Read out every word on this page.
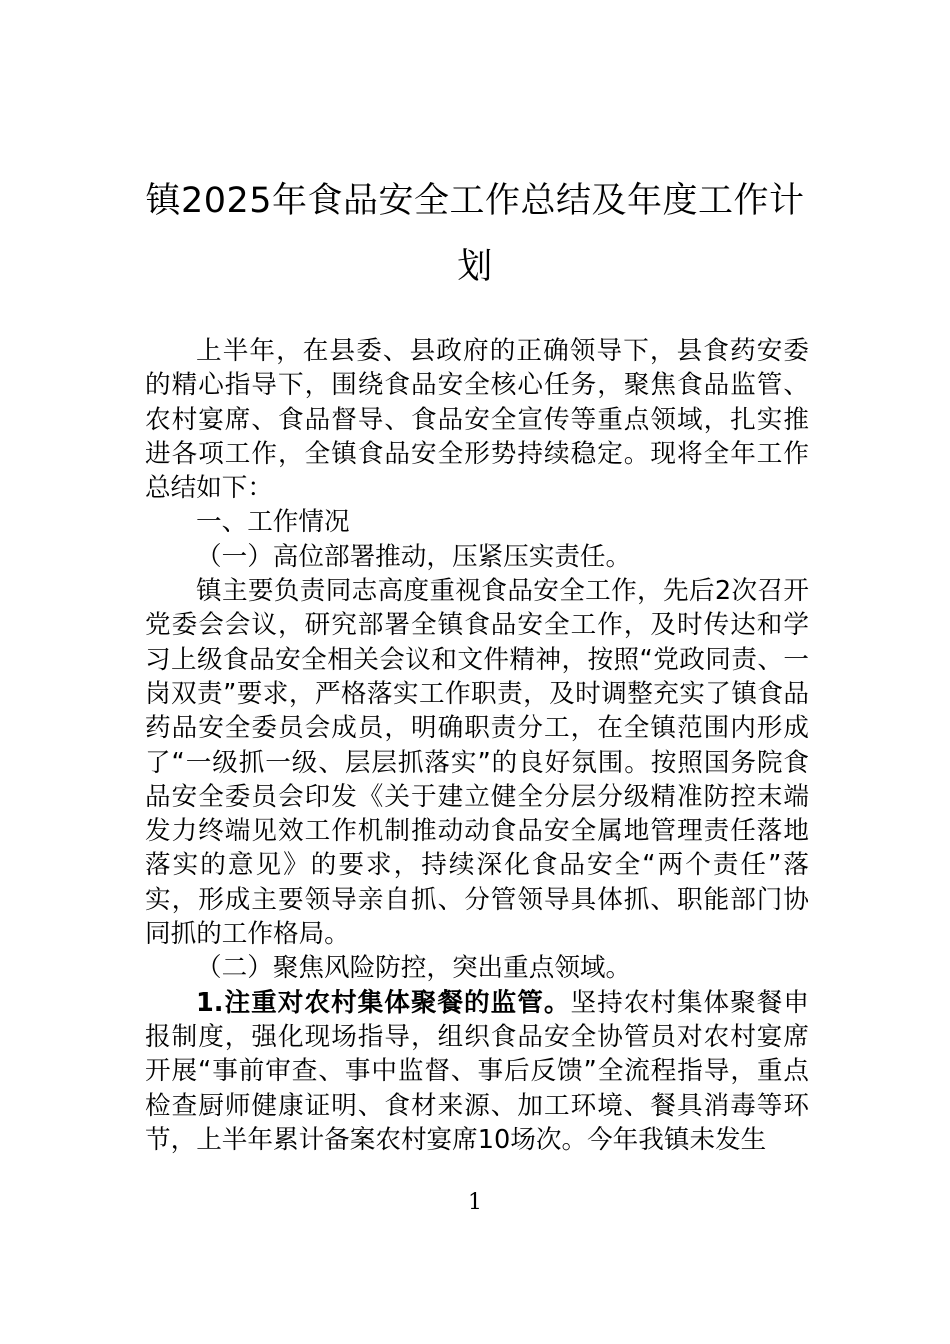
镇2025年食品安全工作总结及年度工作计划

上半年，在县委、县政府的正确领导下，县食药安委的精心指导下，围绕食品安全核心任务，聚焦食品监管、农村宴席、食品督导、食品安全宣传等重点领域，扎实推进各项工作，全镇食品安全形势持续稳定。现将全年工作总结如下：

一、工作情况

（一）高位部署推动，压紧压实责任。

镇主要负责同志高度重视食品安全工作，先后2次召开党委会会议，研究部署全镇食品安全工作，及时传达和学习上级食品安全相关会议和文件精神，按照“党政同责、一岗双责”要求，严格落实工作职责，及时调整充实了镇食品药品安全委员会成员，明确职责分工，在全镇范围内形成了“一级抓一级、层层抓落实”的良好氛围。按照国务院食品安全委员会印发《关于建立健全分层分级精准防控末端发力终端见效工作机制推动动食品安全属地管理责任落地落实的意见》的要求，持续深化食品安全“两个责任”落实，形成主要领导亲自抓、分管领导具体抓、职能部门协同抓的工作格局。

（二）聚焦风险防控，突出重点领域。

1.注重对农村集体聚餐的监管。坚持农村集体聚餐申报制度，强化现场指导，组织食品安全协管员对农村宴席开展“事前审查、事中监督、事后反馈”全流程指导，重点检查厨师健康证明、食材来源、加工环境、餐具消毒等环节，上半年累计备案农村宴席10场次。今年我镇未发生

1
